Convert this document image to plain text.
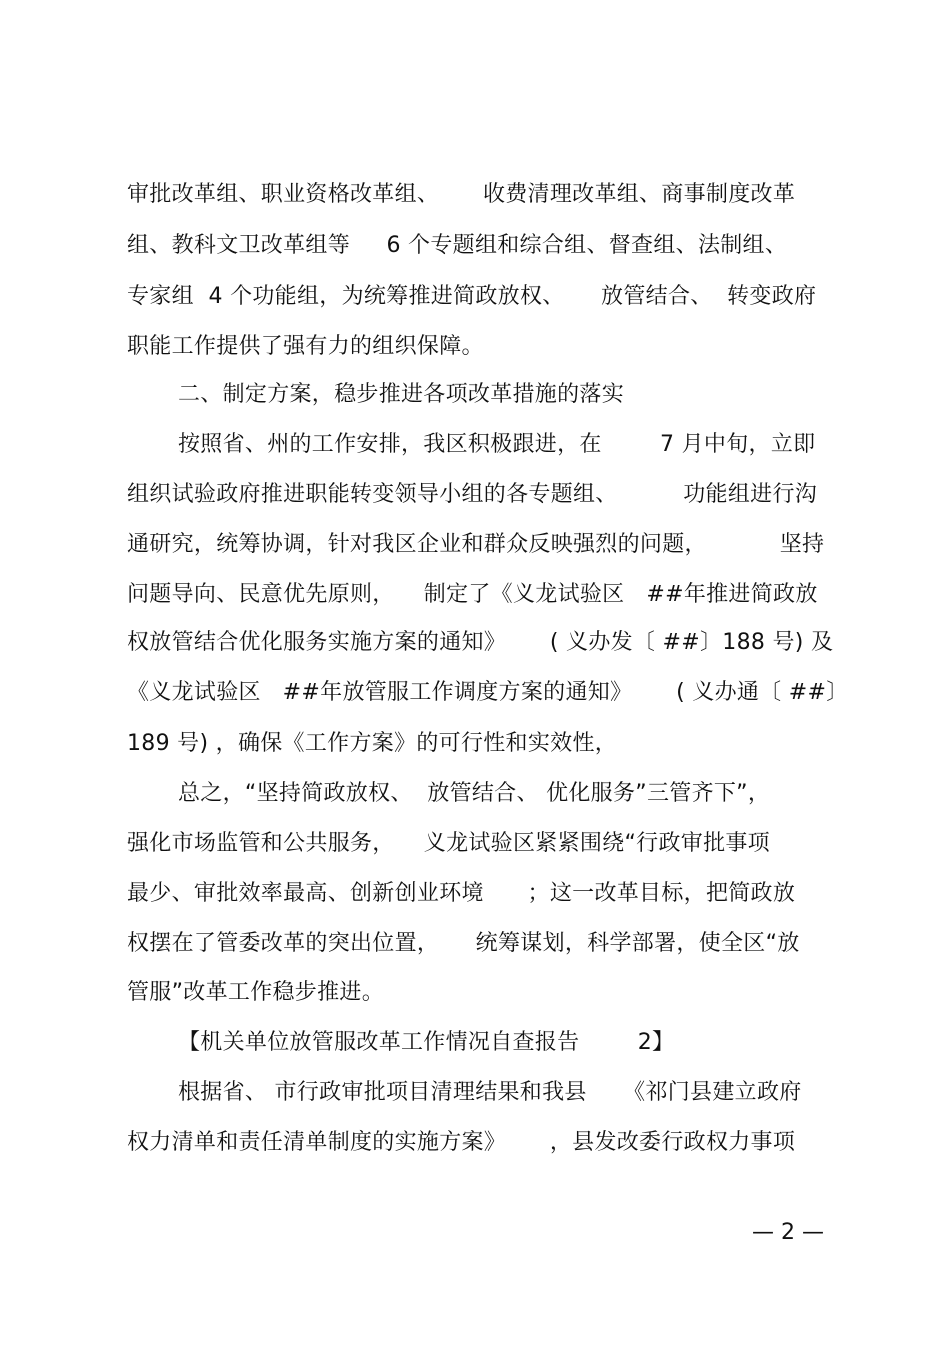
审批改革组、职业资格改革组、      收费清理改革组、商事制度改革
组、教科文卫改革组等     6 个专题组和综合组、督查组、法制组、
专家组  4 个功能组，为统筹推进简政放权、     放管结合、  转变政府
职能工作提供了强有力的组织保障。
二、制定方案，稳步推进各项改革措施的落实
按照省、州的工作安排，我区积极跟进，在        7 月中旬，立即
组织试验政府推进职能转变领导小组的各专题组、         功能组进行沟
通研究，统筹协调，针对我区企业和群众反映强烈的问题，          坚持
问题导向、民意优先原则，    制定了《义龙试验区   ##年推进简政放
权放管结合优化服务实施方案的通知》      ( 义办发〔 ##〕188 号) 及
《义龙试验区   ##年放管服工作调度方案的通知》      ( 义办通〔 ##〕
189 号) ，确保《工作方案》的可行性和实效性，
总之，“坚持简政放权、  放管结合、 优化服务”三管齐下”，
强化市场监管和公共服务，    义龙试验区紧紧围绕“行政审批事项
最少、审批效率最高、创新创业环境      ；这一改革目标，把简政放
权摆在了管委改革的突出位置，     统筹谋划，科学部署，使全区“放
管服”改革工作稳步推进。
【机关单位放管服改革工作情况自查报告        2】
根据省、 市行政审批项目清理结果和我县     《祁门县建立政府
权力清单和责任清单制度的实施方案》      ，县发改委行政权力事项
— 2 —
